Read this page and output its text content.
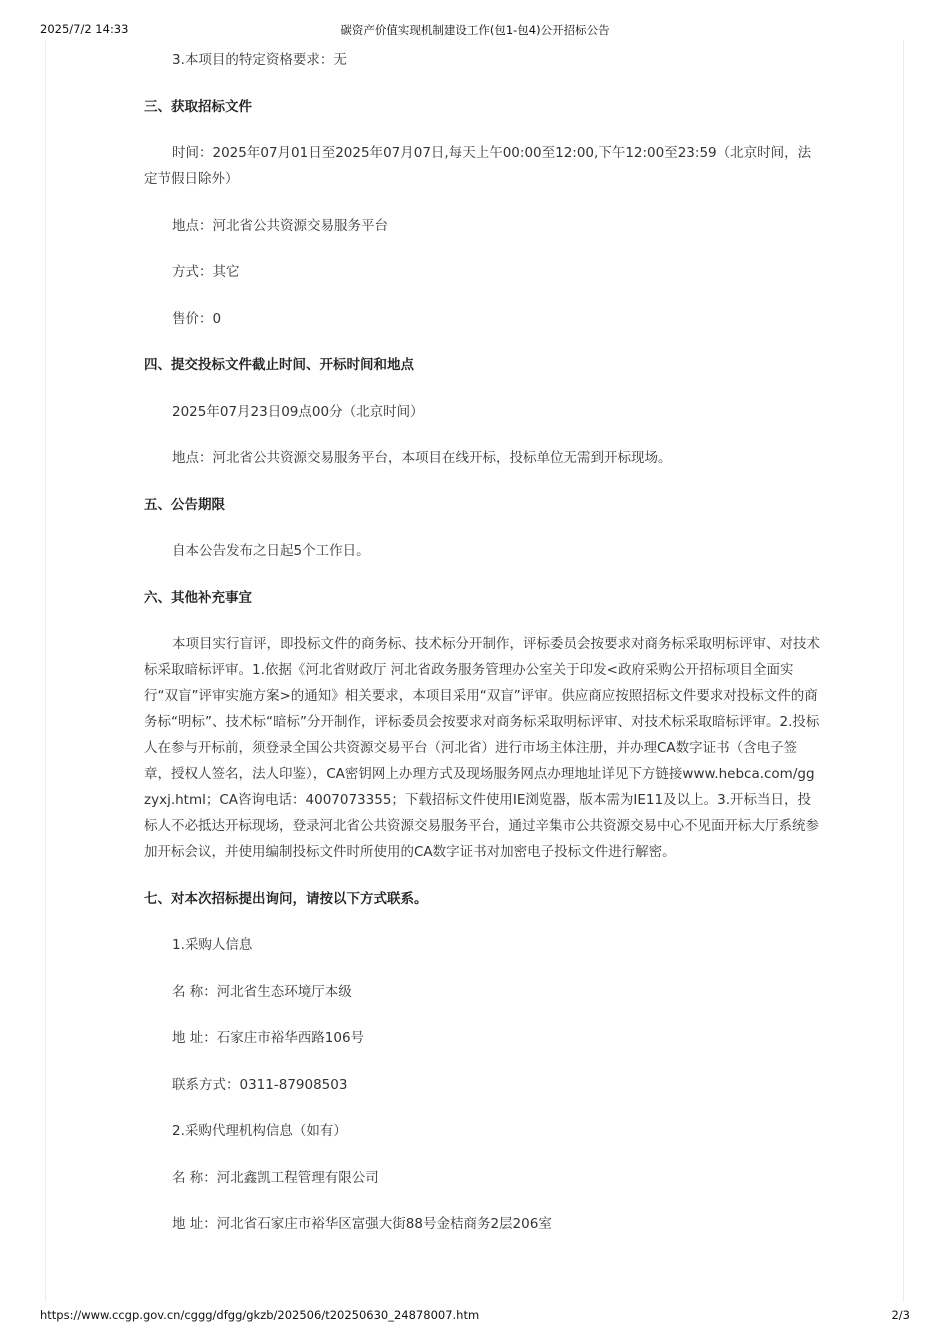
2025/7/2 14:33	碳资产价值实现机制建设工作(包1-包4)公开招标公告

3.本项目的特定资格要求：无

三、获取招标文件

时间：2025年07月01日至2025年07月07日,每天上午00:00至12:00,下午12:00至23:59（北京时间，法定节假日除外）

地点：河北省公共资源交易服务平台

方式：其它

售价：0

四、提交投标文件截止时间、开标时间和地点

2025年07月23日09点00分（北京时间）

地点：河北省公共资源交易服务平台，本项目在线开标，投标单位无需到开标现场。

五、公告期限

自本公告发布之日起5个工作日。

六、其他补充事宜

本项目实行盲评，即投标文件的商务标、技术标分开制作，评标委员会按要求对商务标采取明标评审、对技术标采取暗标评审。1.依据《河北省财政厅 河北省政务服务管理办公室关于印发<政府采购公开招标项目全面实行“双盲”评审实施方案>的通知》相关要求，本项目采用“双盲”评审。供应商应按照招标文件要求对投标文件的商务标“明标”、技术标“暗标”分开制作，评标委员会按要求对商务标采取明标评审、对技术标采取暗标评审。2.投标人在参与开标前，须登录全国公共资源交易平台（河北省）进行市场主体注册，并办理CA数字证书（含电子签章，授权人签名，法人印鉴），CA密钥网上办理方式及现场服务网点办理地址详见下方链接www.hebca.com/ggzyxj.html；CA咨询电话：4007073355；下载招标文件使用IE浏览器，版本需为IE11及以上。3.开标当日，投标人不必抵达开标现场，登录河北省公共资源交易服务平台，通过辛集市公共资源交易中心不见面开标大厅系统参加开标会议，并使用编制投标文件时所使用的CA数字证书对加密电子投标文件进行解密。

七、对本次招标提出询问，请按以下方式联系。

1.采购人信息

名 称：河北省生态环境厅本级

地 址：石家庄市裕华西路106号

联系方式：0311-87908503

2.采购代理机构信息（如有）

名 称：河北鑫凯工程管理有限公司

地 址：河北省石家庄市裕华区富强大街88号金桔商务2层206室

https://www.ccgp.gov.cn/cggg/dfgg/gkzb/202506/t20250630_24878007.htm	2/3
